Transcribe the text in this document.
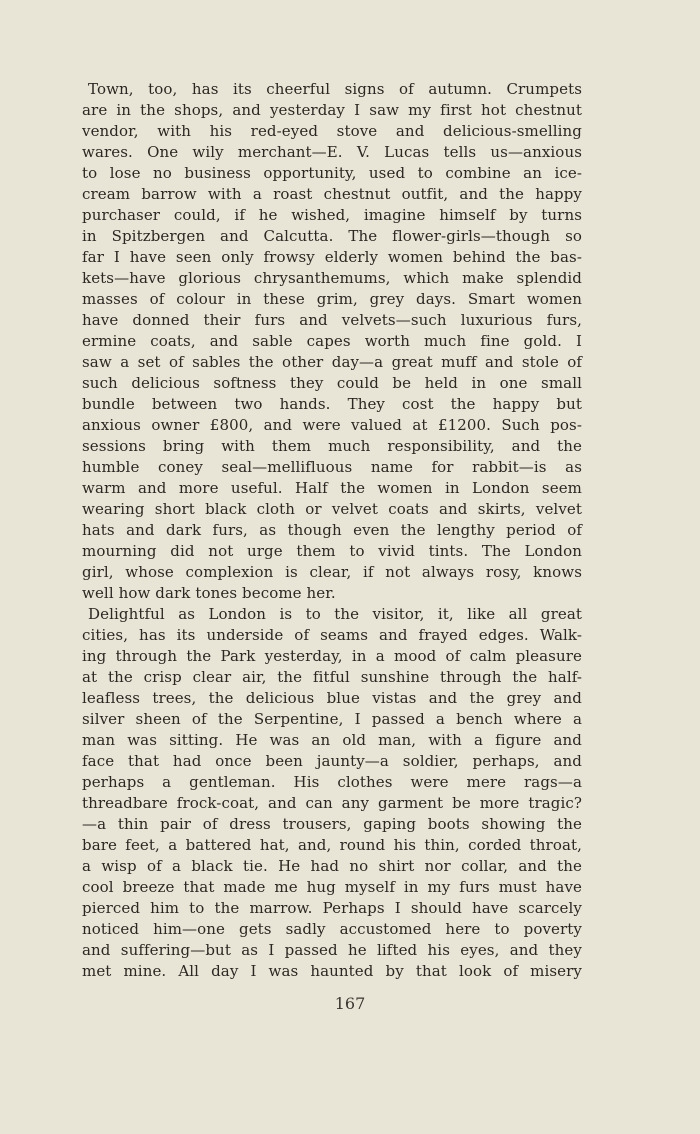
Town, too, has its cheerful signs of autumn. Crumpets
are in the shops, and yesterday I saw my first hot chestnut
vendor, with his red-eyed stove and delicious-smelling
wares. One wily merchant—E. V. Lucas tells us—anxious
to lose no business opportunity, used to combine an ice-
cream barrow with a roast chestnut outfit, and the happy
purchaser could, if he wished, imagine himself by turns
in Spitzbergen and Calcutta. The flower-girls—though so
far I have seen only frowsy elderly women behind the bas-
kets—have glorious chrysanthemums, which make splendid
masses of colour in these grim, grey days. Smart women
have donned their furs and velvets—such luxurious furs,
ermine coats, and sable capes worth much fine gold. I
saw a set of sables the other day—a great muff and stole of
such delicious softness they could be held in one small
bundle between two hands. They cost the happy but
anxious owner £800, and were valued at £1200. Such pos-
sessions bring with them much responsibility, and the
humble coney seal—mellifluous name for rabbit—is as
warm and more useful. Half the women in London seem
wearing short black cloth or velvet coats and skirts, velvet
hats and dark furs, as though even the lengthy period of
mourning did not urge them to vivid tints. The London
girl, whose complexion is clear, if not always rosy, knows
well how dark tones become her.
Delightful as London is to the visitor, it, like all great
cities, has its underside of seams and frayed edges. Walk-
ing through the Park yesterday, in a mood of calm pleasure
at the crisp clear air, the fitful sunshine through the half-
leafless trees, the delicious blue vistas and the grey and
silver sheen of the Serpentine, I passed a bench where a
man was sitting. He was an old man, with a figure and
face that had once been jaunty—a soldier, perhaps, and
perhaps a gentleman. His clothes were mere rags—a
threadbare frock-coat, and can any garment be more tragic?
—a thin pair of dress trousers, gaping boots showing the
bare feet, a battered hat, and, round his thin, corded throat,
a wisp of a black tie. He had no shirt nor collar, and the
cool breeze that made me hug myself in my furs must have
pierced him to the marrow. Perhaps I should have scarcely
noticed him—one gets sadly accustomed here to poverty
and suffering—but as I passed he lifted his eyes, and they
met mine. All day I was haunted by that look of misery
167
